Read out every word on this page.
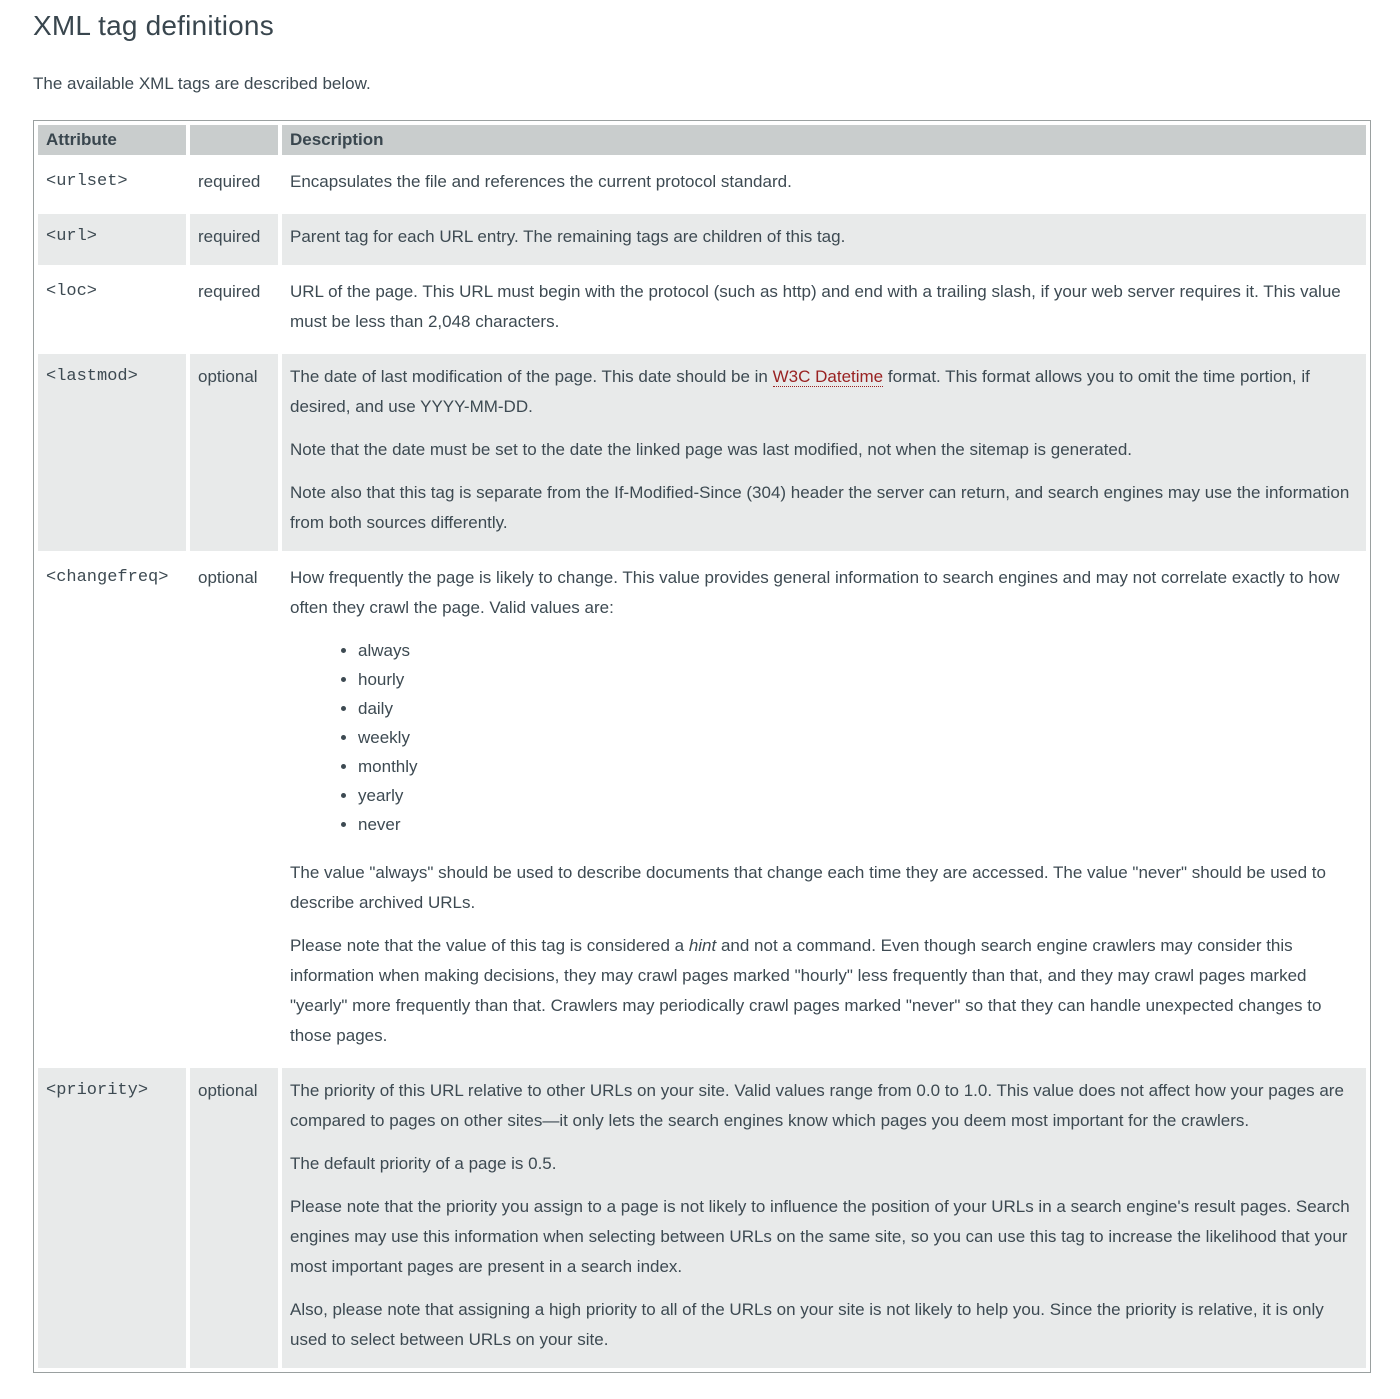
XML tag definitions

The available XML tags are described below.

Attribute		Description
<urlset>	required	Encapsulates the file and references the current protocol standard.

<url>	required	Parent tag for each URL entry. The remaining tags are children of this tag.

<loc>	required	URL of the page. This URL must begin with the protocol (such as http) and end with a trailing slash, if your web server requires it. This value must be less than 2,048 characters.

<lastmod>	optional	The date of last modification of the page. This date should be in W3C Datetime format. This format allows you to omit the time portion, if desired, and use YYYY-MM-DD.

Note that the date must be set to the date the linked page was last modified, not when the sitemap is generated.

Note also that this tag is separate from the If-Modified-Since (304) header the server can return, and search engines may use the information from both sources differently.

<changefreq>	optional	How frequently the page is likely to change. This value provides general information to search engines and may not correlate exactly to how often they crawl the page. Valid values are:

• always
• hourly
• daily
• weekly
• monthly
• yearly
• never

The value "always" should be used to describe documents that change each time they are accessed. The value "never" should be used to describe archived URLs.

Please note that the value of this tag is considered a hint and not a command. Even though search engine crawlers may consider this information when making decisions, they may crawl pages marked "hourly" less frequently than that, and they may crawl pages marked "yearly" more frequently than that. Crawlers may periodically crawl pages marked "never" so that they can handle unexpected changes to those pages.

<priority>	optional	The priority of this URL relative to other URLs on your site. Valid values range from 0.0 to 1.0. This value does not affect how your pages are compared to pages on other sites—it only lets the search engines know which pages you deem most important for the crawlers.

The default priority of a page is 0.5.

Please note that the priority you assign to a page is not likely to influence the position of your URLs in a search engine's result pages. Search engines may use this information when selecting between URLs on the same site, so you can use this tag to increase the likelihood that your most important pages are present in a search index.

Also, please note that assigning a high priority to all of the URLs on your site is not likely to help you. Since the priority is relative, it is only used to select between URLs on your site.
